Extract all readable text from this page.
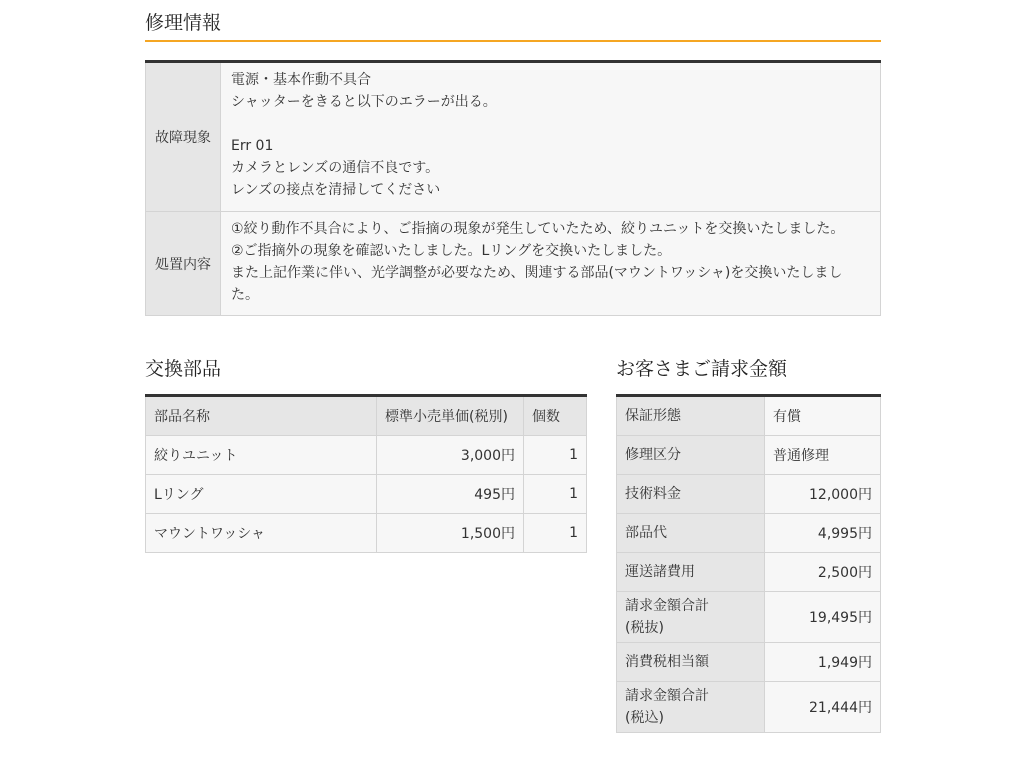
修理情報
故障現象	電源・基本作動不具合
シャッターをきると以下のエラーが出る。
Err 01
カメラとレンズの通信不良です。
レンズの接点を清掃してください

処置内容	①絞り動作不具合により、ご指摘の現象が発生していたため、絞りユニットを交換いたしました。
②ご指摘外の現象を確認いたしました。Lリングを交換いたしました。
また上記作業に伴い、光学調整が必要なため、関連する部品(マウントワッシャ)を交換いたしまし
た。
交換部品
部品名称	標準小売単価(税別)	個数
絞りユニット	3,000円	1
Lリング	495円	1
マウントワッシャ	1,500円	1
お客さまご請求金額
保証形態	有償
修理区分	普通修理
技術料金	12,000円
部品代	4,995円
運送諸費用	2,500円

請求金額合計
(税抜)	19,495円
消費税相当額	1,949円

請求金額合計
(税込)	21,444円
